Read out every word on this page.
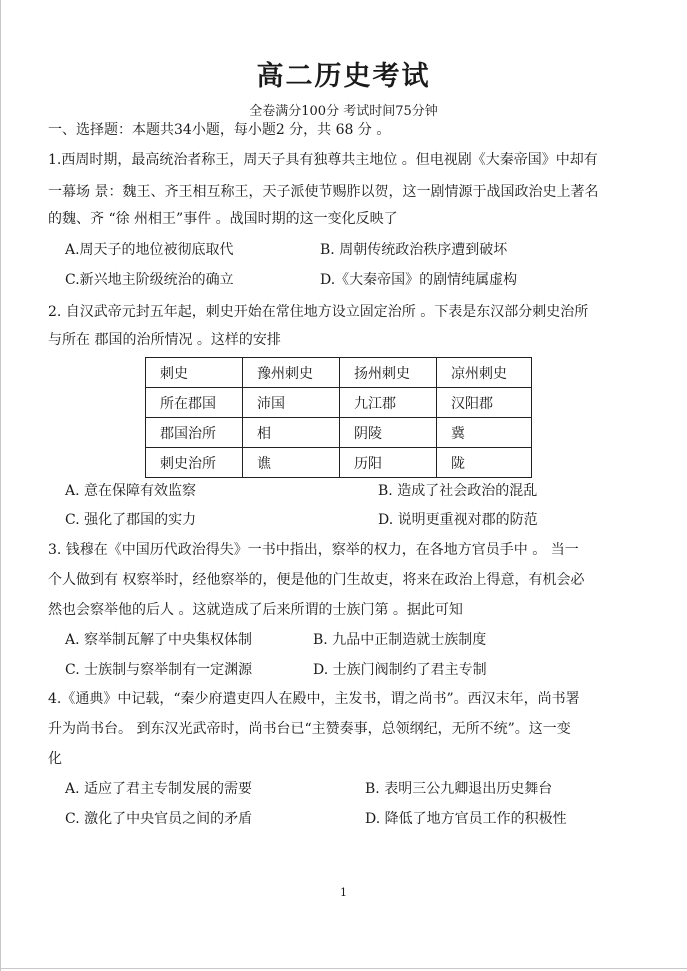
高二历史考试
全卷满分100分 考试时间75分钟
一、选择题：本题共34小题，每小题2 分，共 68 分 。
1.西周时期，最高统治者称王，周天子具有独尊共主地位 。但电视剧《大秦帝国》中却有
一幕场 景：魏王、齐王相互称王，天子派使节赐胙以贺，这一剧情源于战国政治史上著名
的魏、齐 “徐 州相王”事件 。战国时期的这一变化反映了
A.周天子的地位被彻底取代	B. 周朝传统政治秩序遭到破坏
C.新兴地主阶级统治的确立	D.《大秦帝国》的剧情纯属虚构
2. 自汉武帝元封五年起，刺史开始在常住地方设立固定治所 。下表是东汉部分刺史治所
与所在 郡国的治所情况 。这样的安排
刺史	豫州刺史	扬州刺史	凉州刺史
所在郡国	沛国	九江郡	汉阳郡
郡国治所	相	阴陵	冀
刺史治所	谯	历阳	陇
A. 意在保障有效监察	B. 造成了社会政治的混乱
C. 强化了郡国的实力	D. 说明更重视对郡的防范
3. 钱穆在《中国历代政治得失》一书中指出，察举的权力，在各地方官员手中 。 当一
个人做到有 权察举时，经他察举的，便是他的门生故吏，将来在政治上得意，有机会必
然也会察举他的后人 。这就造成了后来所谓的士族门第 。据此可知
A. 察举制瓦解了中央集权体制	B. 九品中正制造就士族制度
C. 士族制与察举制有一定渊源	D. 士族门阀制约了君主专制
4.《通典》中记载，“秦少府遣吏四人在殿中，主发书，谓之尚书”。西汉末年，尚书署
升为尚书台。 到东汉光武帝时，尚书台已“主赞奏事，总领纲纪，无所不统”。这一变
化
A. 适应了君主专制发展的需要	B. 表明三公九卿退出历史舞台
C. 激化了中央官员之间的矛盾	D. 降低了地方官员工作的积极性
1
